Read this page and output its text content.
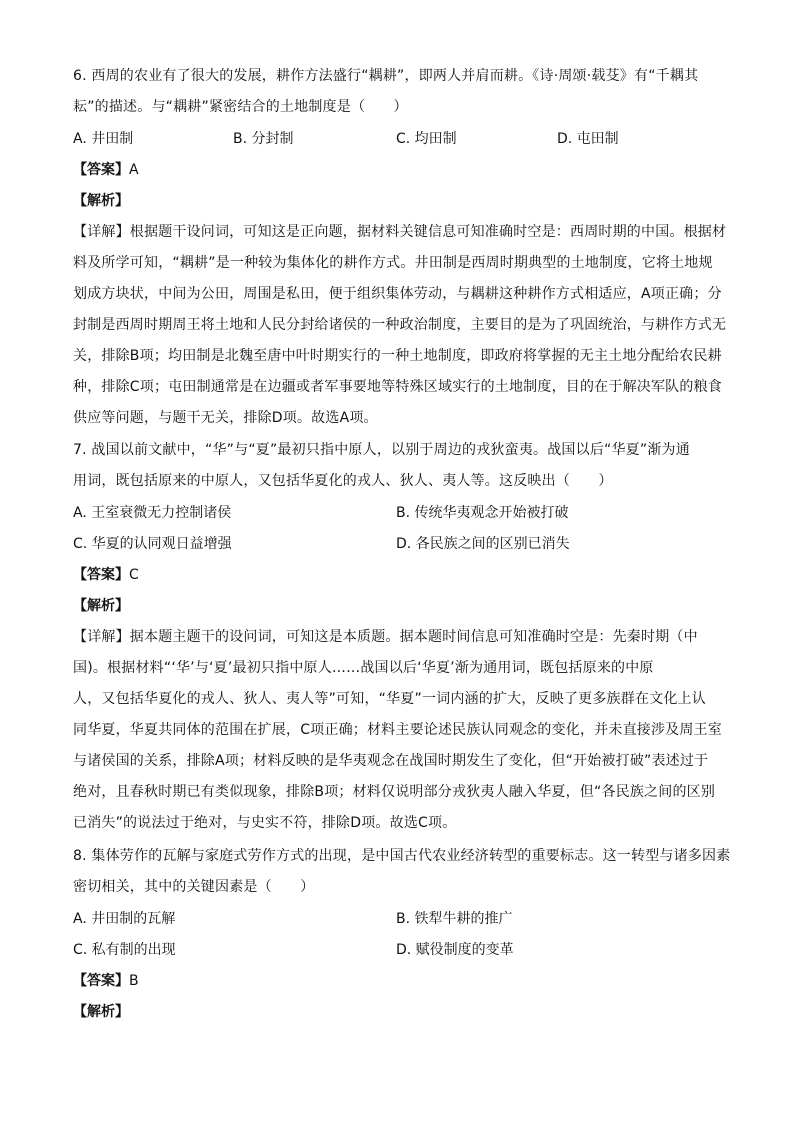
6. 西周的农业有了很大的发展，耕作方法盛行“耦耕”，即两人并肩而耕。《诗·周颂·载芟》有“千耦其
耘”的描述。与“耦耕”紧密结合的土地制度是（　　）
A. 井田制	B. 分封制	C. 均田制	D. 屯田制
【答案】A
【解析】
【详解】根据题干设问词，可知这是正向题，据材料关键信息可知准确时空是：西周时期的中国。根据材
料及所学可知，“耦耕”是一种较为集体化的耕作方式。井田制是西周时期典型的土地制度，它将土地规
划成方块状，中间为公田，周围是私田，便于组织集体劳动，与耦耕这种耕作方式相适应，A项正确；分
封制是西周时期周王将土地和人民分封给诸侯的一种政治制度，主要目的是为了巩固统治，与耕作方式无
关，排除B项；均田制是北魏至唐中叶时期实行的一种土地制度，即政府将掌握的无主土地分配给农民耕
种，排除C项；屯田制通常是在边疆或者军事要地等特殊区域实行的土地制度，目的在于解决军队的粮食
供应等问题，与题干无关，排除D项。故选A项。
7. 战国以前文献中，“华”与“夏”最初只指中原人，以别于周边的戎狄蛮夷。战国以后“华夏”渐为通
用词，既包括原来的中原人，又包括华夏化的戎人、狄人、夷人等。这反映出（　　）
A. 王室衰微无力控制诸侯	B. 传统华夷观念开始被打破
C. 华夏的认同观日益增强	D. 各民族之间的区别已消失
【答案】C
【解析】
【详解】据本题主题干的设问词，可知这是本质题。据本题时间信息可知准确时空是：先秦时期（中
国)。根据材料“‘华’与‘夏’最初只指中原人……战国以后‘华夏’渐为通用词，既包括原来的中原
人，又包括华夏化的戎人、狄人、夷人等”可知，“华夏”一词内涵的扩大，反映了更多族群在文化上认
同华夏，华夏共同体的范围在扩展，C项正确；材料主要论述民族认同观念的变化，并未直接涉及周王室
与诸侯国的关系，排除A项；材料反映的是华夷观念在战国时期发生了变化，但“开始被打破”表述过于
绝对，且春秋时期已有类似现象，排除B项；材料仅说明部分戎狄夷人融入华夏，但“各民族之间的区别
已消失”的说法过于绝对，与史实不符，排除D项。故选C项。
8. 集体劳作的瓦解与家庭式劳作方式的出现，是中国古代农业经济转型的重要标志。这一转型与诸多因素
密切相关，其中的关键因素是（　　）
A. 井田制的瓦解	B. 铁犁牛耕的推广
C. 私有制的出现	D. 赋役制度的变革
【答案】B
【解析】
